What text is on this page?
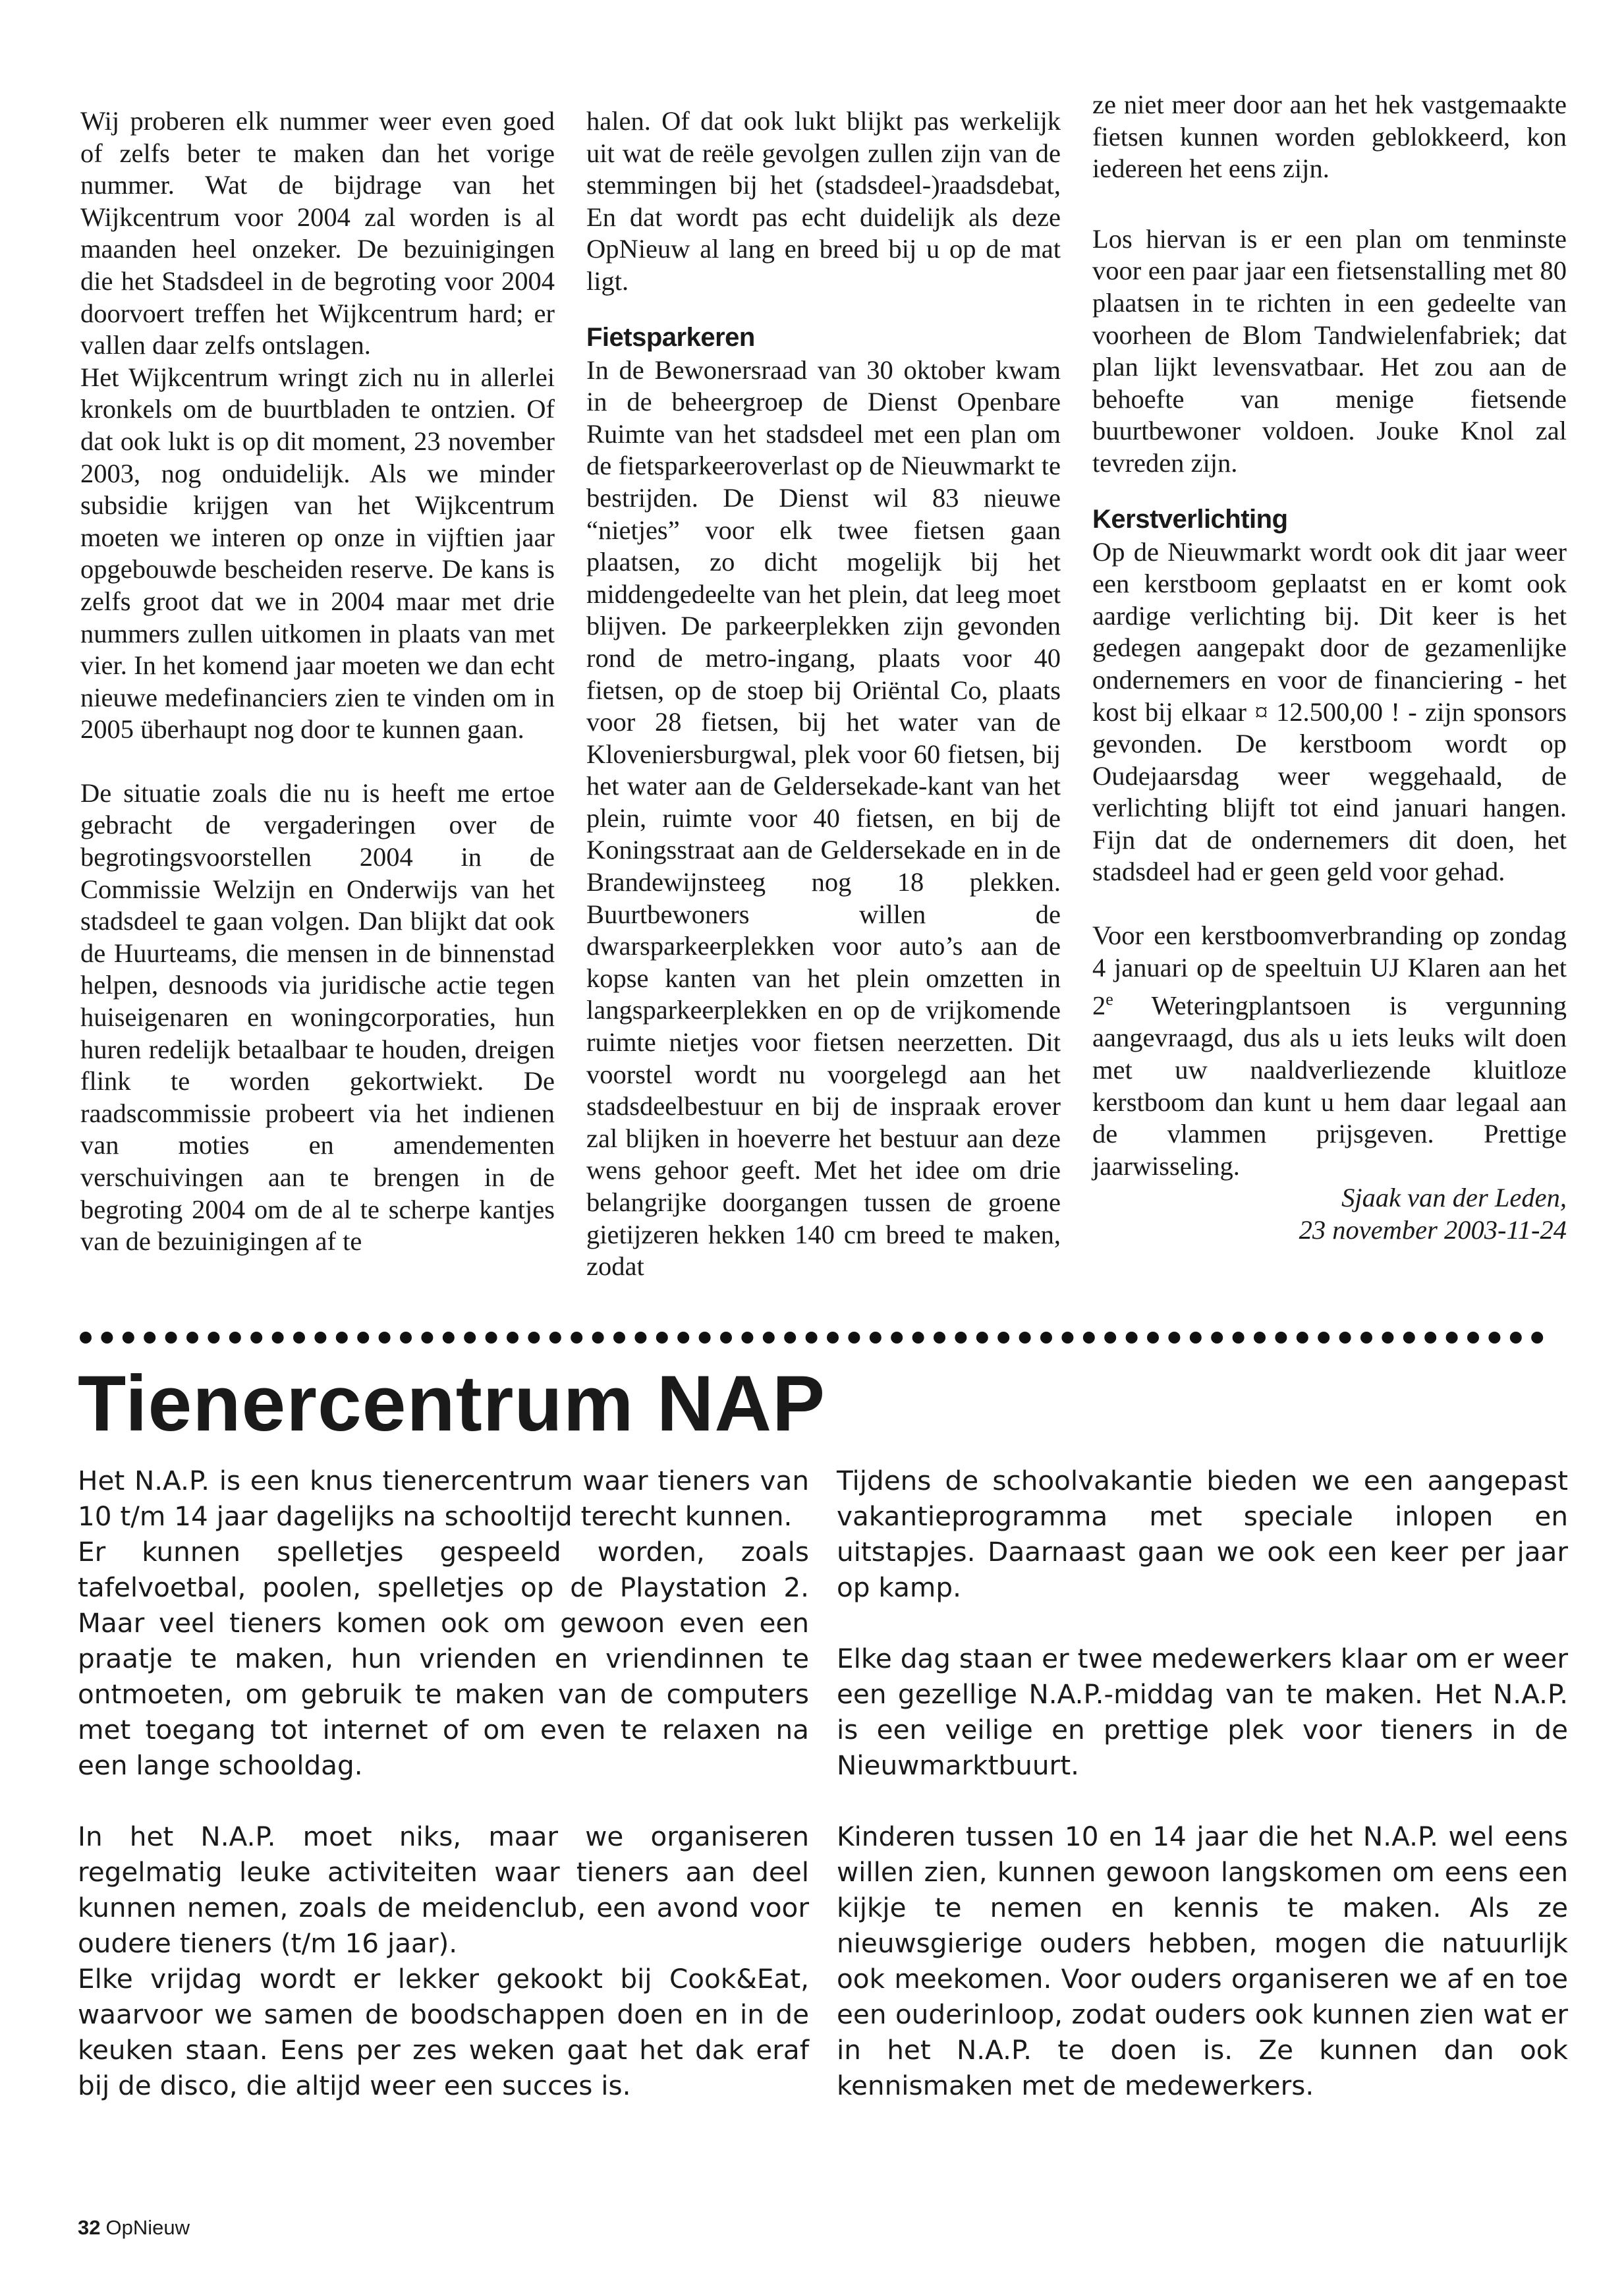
Wij proberen elk nummer weer even goed of zelfs beter te maken dan het vorige nummer. Wat de bijdrage van het Wijkcentrum voor 2004 zal worden is al maanden heel onzeker. De bezuinigingen die het Stadsdeel in de begroting voor 2004 doorvoert treffen het Wijkcentrum hard; er vallen daar zelfs ontslagen.

Het Wijkcentrum wringt zich nu in allerlei kronkels om de buurtbladen te ontzien. Of dat ook lukt is op dit moment, 23 november 2003, nog onduidelijk. Als we minder subsidie krijgen van het Wijkcentrum moeten we interen op onze in vijftien jaar opgebouwde bescheiden reserve. De kans is zelfs groot dat we in 2004 maar met drie nummers zullen uitkomen in plaats van met vier. In het komend jaar moeten we dan echt nieuwe medefinanciers zien te vinden om in 2005 überhaupt nog door te kunnen gaan.

De situatie zoals die nu is heeft me ertoe gebracht de vergaderingen over de begrotingsvoorstellen 2004 in de Commissie Welzijn en Onderwijs van het stadsdeel te gaan volgen. Dan blijkt dat ook de Huurteams, die mensen in de binnenstad helpen, desnoods via juridische actie tegen huiseigenaren en woningcorporaties, hun huren redelijk betaalbaar te houden, dreigen flink te worden gekortwiekt. De raadscommissie probeert via het indienen van moties en amendementen verschuivingen aan te brengen in de begroting 2004 om de al te scherpe kantjes van de bezuinigingen af te

halen. Of dat ook lukt blijkt pas werkelijk uit wat de reële gevolgen zullen zijn van de stemmingen bij het (stadsdeel-)raadsdebat, En dat wordt pas echt duidelijk als deze OpNieuw al lang en breed bij u op de mat ligt.

Fietsparkeren

In de Bewonersraad van 30 oktober kwam in de beheergroep de Dienst Openbare Ruimte van het stadsdeel met een plan om de fietsparkeeroverlast op de Nieuwmarkt te bestrijden. De Dienst wil 83 nieuwe “nietjes” voor elk twee fietsen gaan plaatsen, zo dicht mogelijk bij het middengedeelte van het plein, dat leeg moet blijven. De parkeerplekken zijn gevonden rond de metro-ingang, plaats voor 40 fietsen, op de stoep bij Oriëntal Co, plaats voor 28 fietsen, bij het water van de Kloveniersburgwal, plek voor 60 fietsen, bij het water aan de Geldersekade-kant van het plein, ruimte voor 40 fietsen, en bij de Koningsstraat aan de Geldersekade en in de Brandewijnsteeg nog 18 plekken. Buurtbewoners willen de dwarsparkeerplekken voor auto’s aan de kopse kanten van het plein omzetten in langsparkeerplekken en op de vrijkomende ruimte nietjes voor fietsen neerzetten. Dit voorstel wordt nu voorgelegd aan het stadsdeelbestuur en bij de inspraak erover zal blijken in hoeverre het bestuur aan deze wens gehoor geeft. Met het idee om drie belangrijke doorgangen tussen de groene gietijzeren hekken 140 cm breed te maken, zodat

ze niet meer door aan het hek vastgemaakte fietsen kunnen worden geblokkeerd, kon iedereen het eens zijn.

Los hiervan is er een plan om tenminste voor een paar jaar een fietsenstalling met 80 plaatsen in te richten in een gedeelte van voorheen de Blom Tandwielenfabriek; dat plan lijkt levensvatbaar. Het zou aan de behoefte van menige fietsende buurtbewoner voldoen. Jouke Knol zal tevreden zijn.

Kerstverlichting

Op de Nieuwmarkt wordt ook dit jaar weer een kerstboom geplaatst en er komt ook aardige verlichting bij. Dit keer is het gedegen aangepakt door de gezamenlijke ondernemers en voor de financiering - het kost bij elkaar ¤ 12.500,00 ! - zijn sponsors gevonden. De kerstboom wordt op Oudejaarsdag weer weggehaald, de verlichting blijft tot eind januari hangen. Fijn dat de ondernemers dit doen, het stadsdeel had er geen geld voor gehad.

Voor een kerstboomverbranding op zondag 4 januari op de speeltuin UJ Klaren aan het 2e Weteringplantsoen is vergunning aangevraagd, dus als u iets leuks wilt doen met uw naaldverliezende kluitloze kerstboom dan kunt u hem daar legaal aan de vlammen prijsgeven. Prettige jaarwisseling.

Sjaak van der Leden,

23 november 2003-11-24

Tienercentrum NAP

Het N.A.P. is een knus tienercentrum waar tieners van 10 t/m 14 jaar dagelijks na schooltijd terecht kunnen.

Er kunnen spelletjes gespeeld worden, zoals tafelvoetbal, poolen, spelletjes op de Playstation 2. Maar veel tieners komen ook om gewoon even een praatje te maken, hun vrienden en vriendinnen te ontmoeten, om gebruik te maken van de computers met toegang tot internet of om even te relaxen na een lange schooldag.

In het N.A.P. moet niks, maar we organiseren regelmatig leuke activiteiten waar tieners aan deel kunnen nemen, zoals de meidenclub, een avond voor oudere tieners (t/m 16 jaar).

Elke vrijdag wordt er lekker gekookt bij Cook&Eat, waarvoor we samen de boodschappen doen en in de keuken staan. Eens per zes weken gaat het dak eraf bij de disco, die altijd weer een succes is.

Tijdens de schoolvakantie bieden we een aangepast vakantieprogramma met speciale inlopen en uitstapjes. Daarnaast gaan we ook een keer per jaar op kamp.

Elke dag staan er twee medewerkers klaar om er weer een gezellige N.A.P.-middag van te maken. Het N.A.P. is een veilige en prettige plek voor tieners in de Nieuwmarktbuurt.

Kinderen tussen 10 en 14 jaar die het N.A.P. wel eens willen zien, kunnen gewoon langskomen om eens een kijkje te nemen en kennis te maken. Als ze nieuwsgierige ouders hebben, mogen die natuurlijk ook meekomen. Voor ouders organiseren we af en toe een ouderinloop, zodat ouders ook kunnen zien wat er in het N.A.P. te doen is. Ze kunnen dan ook kennismaken met de medewerkers.

32 OpNieuw
